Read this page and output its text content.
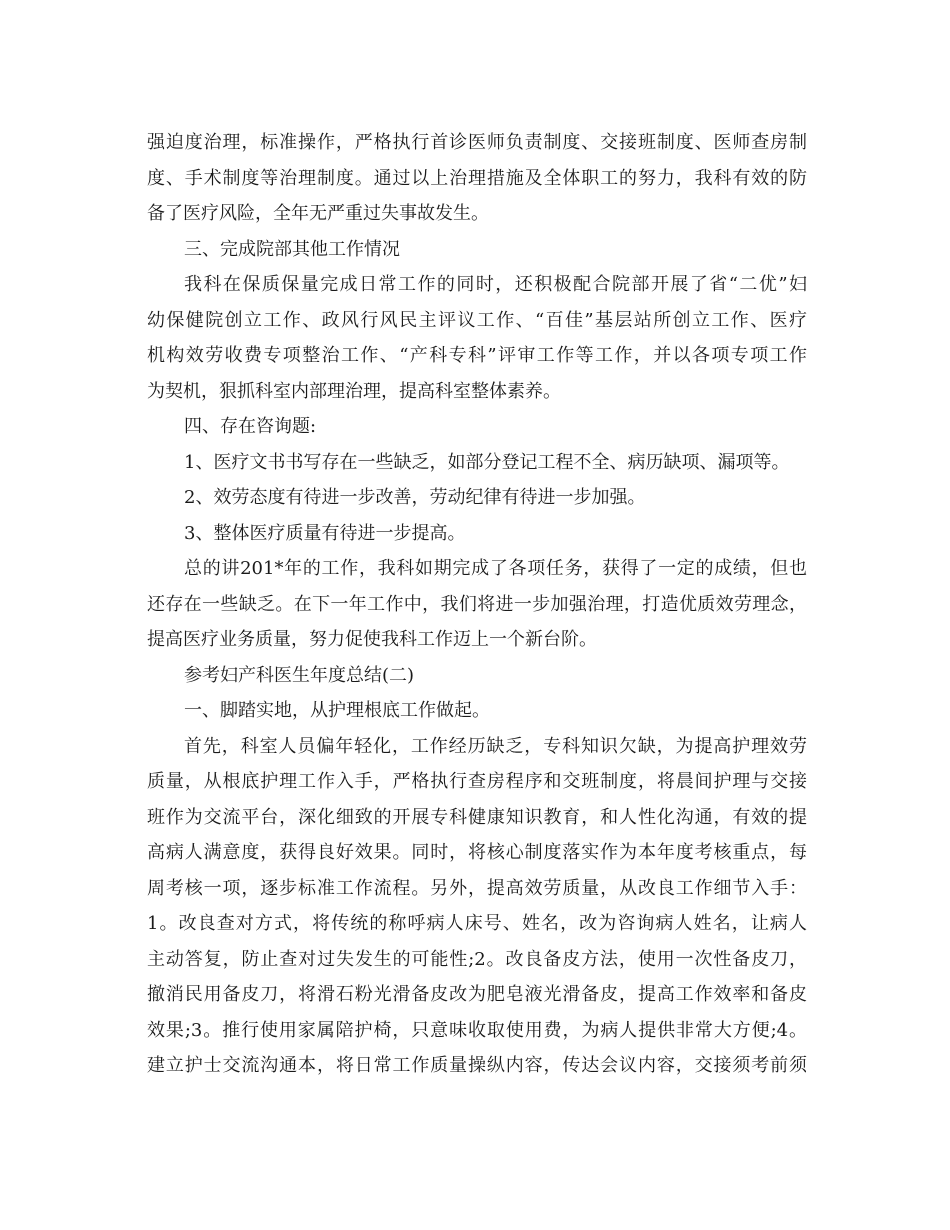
强迫度治理，标准操作，严格执行首诊医师负责制度、交接班制度、医师查房制
度、手术制度等治理制度。通过以上治理措施及全体职工的努力，我科有效的防
备了医疗风险，全年无严重过失事故发生。
三、完成院部其他工作情况
我科在保质保量完成日常工作的同时，还积极配合院部开展了省“二优”妇
幼保健院创立工作、政风行风民主评议工作、“百佳”基层站所创立工作、医疗
机构效劳收费专项整治工作、“产科专科”评审工作等工作，并以各项专项工作
为契机，狠抓科室内部理治理，提高科室整体素养。
四、存在咨询题:
1、医疗文书书写存在一些缺乏，如部分登记工程不全、病历缺项、漏项等。
2、效劳态度有待进一步改善，劳动纪律有待进一步加强。
3、整体医疗质量有待进一步提高。
总的讲201*年的工作，我科如期完成了各项任务，获得了一定的成绩，但也
还存在一些缺乏。在下一年工作中，我们将进一步加强治理，打造优质效劳理念，
提高医疗业务质量，努力促使我科工作迈上一个新台阶。
参考妇产科医生年度总结(二)
一、脚踏实地，从护理根底工作做起。
首先，科室人员偏年轻化，工作经历缺乏，专科知识欠缺，为提高护理效劳
质量，从根底护理工作入手，严格执行查房程序和交班制度，将晨间护理与交接
班作为交流平台，深化细致的开展专科健康知识教育，和人性化沟通，有效的提
高病人满意度，获得良好效果。同时，将核心制度落实作为本年度考核重点，每
周考核一项，逐步标准工作流程。另外，提高效劳质量，从改良工作细节入手：
1。改良查对方式，将传统的称呼病人床号、姓名，改为咨询病人姓名，让病人
主动答复，防止查对过失发生的可能性;2。改良备皮方法，使用一次性备皮刀，
撤消民用备皮刀，将滑石粉光滑备皮改为肥皂液光滑备皮，提高工作效率和备皮
效果;3。推行使用家属陪护椅，只意味收取使用费，为病人提供非常大方便;4。
建立护士交流沟通本，将日常工作质量操纵内容，传达会议内容，交接须考前须
